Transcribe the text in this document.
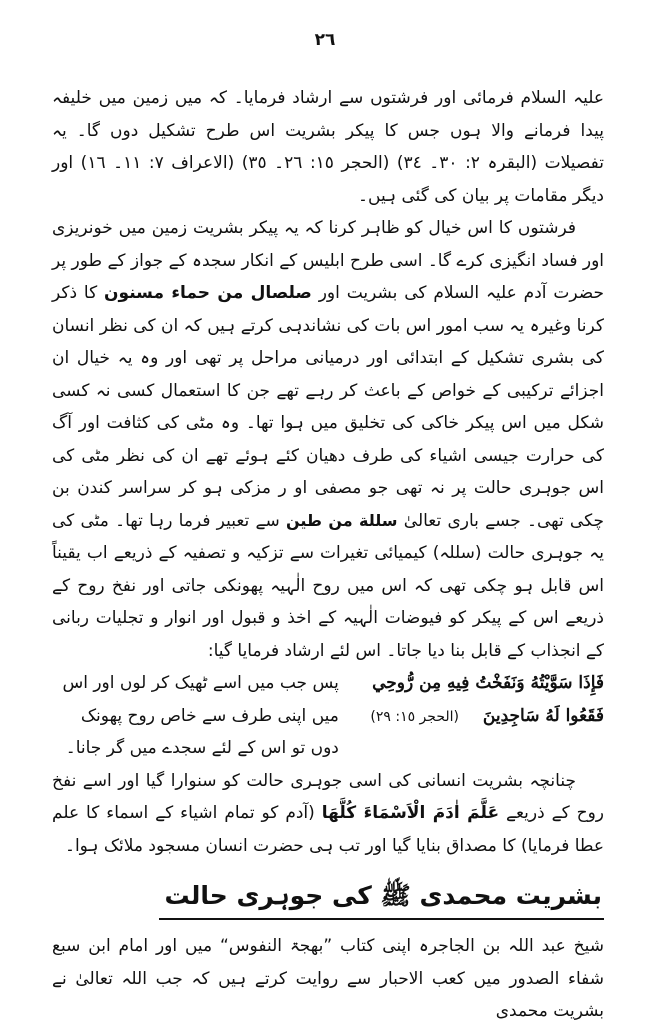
٢٦

علیہ السلام فرمائی اور فرشتوں سے ارشاد فرمایا۔ کہ میں زمین میں خلیفہ پیدا فرمانے والا ہوں جس کا پیکر بشریت اس طرح تشکیل دوں گا۔ یہ تفصیلات (البقرہ ٢: ٣٠۔ ٣٤) (الحجر ١٥: ٢٦۔ ٣٥) (الاعراف ٧: ١١۔ ١٦) اور دیگر مقامات پر بیان کی گئی ہیں۔

فرشتوں کا اس خیال کو ظاہر کرنا کہ یہ پیکر بشریت زمین میں خونریزی اور فساد انگیزی کرے گا۔ اسی طرح ابلیس کے انکار سجدہ کے جواز کے طور پر حضرت آدم علیہ السلام کی بشریت اور صلصال من حماء مسنون کا ذکر کرنا وغیرہ یہ سب امور اس بات کی نشاندہی کرتے ہیں کہ ان کی نظر انسان کی بشری تشکیل کے ابتدائی اور درمیانی مراحل پر تھی اور وہ یہ خیال ان اجزائے ترکیبی کے خواص کے باعث کر رہے تھے جن کا استعمال کسی نہ کسی شکل میں اس پیکر خاکی کی تخلیق میں ہوا تھا۔ وہ مٹی کی کثافت اور آگ کی حرارت جیسی اشیاء کی طرف دھیان کئے ہوئے تھے ان کی نظر مٹی کی اس جوہری حالت پر نہ تھی جو مصفی او ر مزکی ہو کر سراسر کندن بن چکی تھی۔ جسے باری تعالیٰ سللة من طين سے تعبیر فرما رہا تھا۔ مٹی کی یہ جوہری حالت (سللہ) کیمیائی تغیرات سے تزکیہ و تصفیہ کے ذریعے اب یقیناً اس قابل ہو چکی تھی کہ اس میں روح الٰہیہ پھونکی جاتی اور نفخ روح کے ذریعے اس کے پیکر کو فیوضات الٰہیہ کے اخذ و قبول اور انوار و تجلیات ربانی کے انجذاب کے قابل بنا دیا جاتا۔ اس لئے ارشاد فرمایا گیا:

فَإِذَا سَوَّيْتُهُ وَنَفَخْتُ فِيهِ مِن رُّوحِي فَقَعُوا لَهُ سَاجِدِينَ (الحجر ١٥: ٢٩)
پس جب میں اسے ٹھیک کر لوں اور اس میں اپنی طرف سے خاص روح پھونک دوں تو اس کے لئے سجدے میں گر جانا۔

چنانچہ بشریت انسانی کی اسی جوہری حالت کو سنوارا گیا اور اسے نفخ روح کے ذریعے عَلَّمَ اٰدَمَ الْاَسْمَاءَ كُلَّهَا (آدم کو تمام اشیاء کے اسماء کا علم عطا فرمایا) کا مصداق بنایا گیا اور تب ہی حضرت انسان مسجود ملائک ہوا۔

بشریت محمدی ﷺ کی جوہری حالت

شیخ عبد اللہ بن الجاجرہ اپنی کتاب ”بھجۃ النفوس“ میں اور امام ابن سبع شفاء الصدور میں کعب الاحبار سے روایت کرتے ہیں کہ جب اللہ تعالیٰ نے بشریت محمدی
